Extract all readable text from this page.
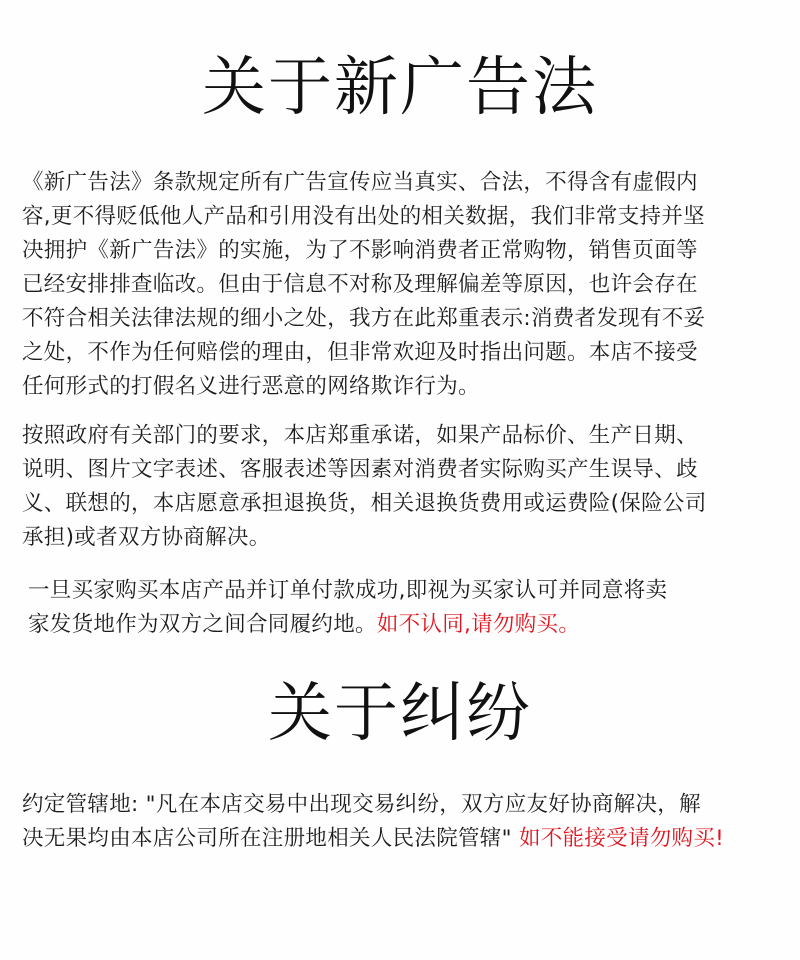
关于新广告法

《新广告法》条款规定所有广告宣传应当真实、合法，不得含有虚假内
容,更不得贬低他人产品和引用没有出处的相关数据，我们非常支持并坚
决拥护《新广告法》的实施，为了不影响消费者正常购物，销售页面等
已经安排排查临改。但由于信息不对称及理解偏差等原因，也许会存在
不符合相关法律法规的细小之处，我方在此郑重表示:消费者发现有不妥
之处，不作为任何赔偿的理由，但非常欢迎及时指出问题。本店不接受
任何形式的打假名义进行恶意的网络欺诈行为。

按照政府有关部门的要求，本店郑重承诺，如果产品标价、生产日期、
说明、图片文字表述、客服表述等因素对消费者实际购买产生误导、歧
义、联想的，本店愿意承担退换货，相关退换货费用或运费险(保险公司
承担)或者双方协商解决。

一旦买家购买本店产品并订单付款成功,即视为买家认可并同意将卖
家发货地作为双方之间合同履约地。如不认同,请勿购买。

关于纠纷

约定管辖地: "凡在本店交易中出现交易纠纷，双方应友好协商解决，解
决无果均由本店公司所在注册地相关人民法院管辖" 如不能接受请勿购买!
